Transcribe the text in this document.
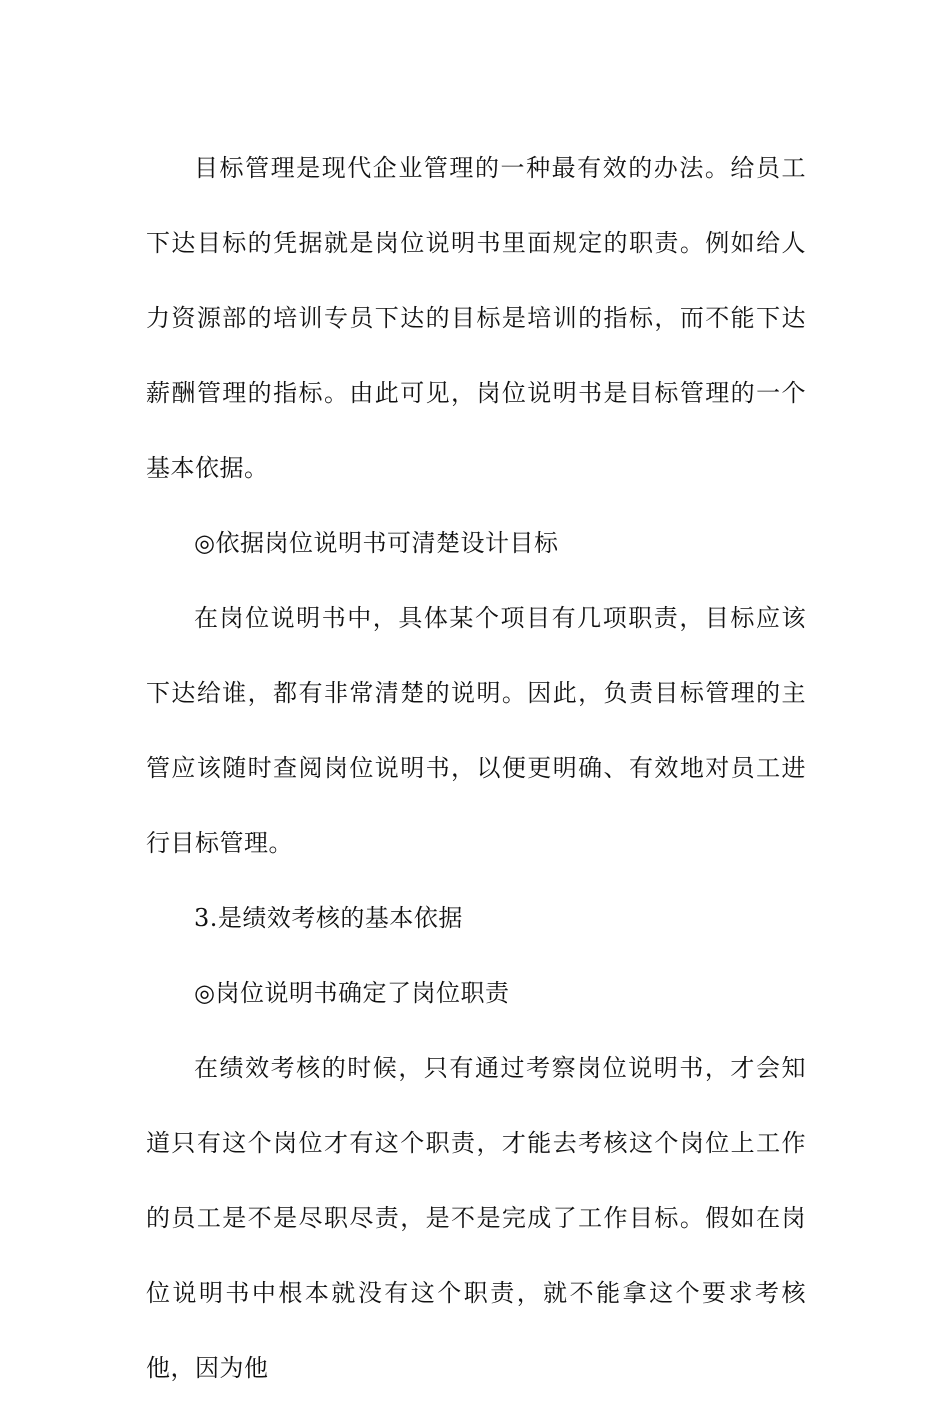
目标管理是现代企业管理的一种最有效的办法。给员工下达目标的凭据就是岗位说明书里面规定的职责。例如给人力资源部的培训专员下达的目标是培训的指标，而不能下达薪酬管理的指标。由此可见，岗位说明书是目标管理的一个基本依据。

◎依据岗位说明书可清楚设计目标

在岗位说明书中，具体某个项目有几项职责，目标应该下达给谁，都有非常清楚的说明。因此，负责目标管理的主管应该随时查阅岗位说明书，以便更明确、有效地对员工进行目标管理。

3.是绩效考核的基本依据

◎岗位说明书确定了岗位职责

在绩效考核的时候，只有通过考察岗位说明书，才会知道只有这个岗位才有这个职责，才能去考核这个岗位上工作的员工是不是尽职尽责，是不是完成了工作目标。假如在岗位说明书中根本就没有这个职责，就不能拿这个要求考核他，因为他
